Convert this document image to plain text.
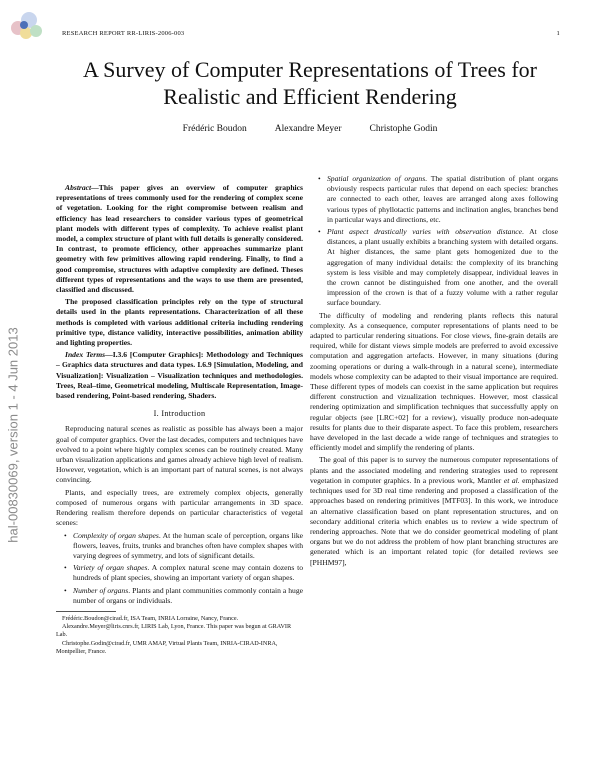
RESEARCH REPORT RR-LIRIS-2006-003	1
hal-00830069, version 1 - 4 Jun 2013
A Survey of Computer Representations of Trees for
Realistic and Efficient Rendering
Frédéric Boudon	Alexandre Meyer	Christophe Godin

Abstract—This paper gives an overview of computer graphics representations of trees commonly used for the rendering of complex scene of vegetation. Looking for the right compromise between realism and efficiency has lead researchers to consider various types of geometrical plant models with different types of complexity. To achieve realist plant model, a complex structure of plant with full details is generally considered. In contrast, to promote efficiency, other approaches summarize plant geometry with few primitives allowing rapid rendering. Finally, to find a good compromise, structures with adaptive complexity are defined. Theses different types of representations and the ways to use them are presented, classified and discussed.

The proposed classification principles rely on the type of structural details used in the plants representations. Characterization of all these methods is completed with various additional criteria including rendering primitive type, distance validity, interactive possibilities, animation ability and lighting properties.

Index Terms—I.3.6 [Computer Graphics]: Methodology and Techniques – Graphics data structures and data types. I.6.9 [Simulation, Modeling, and Visualization]: Visualization – Visualization techniques and methodologies. Trees, Real–time, Geometrical modeling, Multiscale Representation, Image-based rendering, Point-based rendering, Shaders.

I. Introduction

Reproducing natural scenes as realistic as possible has always been a major goal of computer graphics. Over the last decades, computers and techniques have evolved to a point where highly complex scenes can be routinely created. Many urban visualization applications and games already achieve high level of realism. However, vegetation, which is an important part of natural scenes, is not always convincing.

Plants, and especially trees, are extremely complex objects, generally composed of numerous organs with particular arrangements in 3D space. Rendering realism therefore depends on particular characteristics of vegetal scenes:

• Complexity of organ shapes. At the human scale of perception, organs like flowers, leaves, fruits, trunks and branches often have complex shapes with varying degrees of symmetry, and lots of significant details.
• Variety of organ shapes. A complex natural scene may contain dozens to hundreds of plant species, showing an important variety of organ shapes.
• Number of organs. Plants and plant communities commonly contain a huge number of organs or individuals.

Frédéric.Boudon@cirad.fr, ISA Team, INRIA Lorraine, Nancy, France.

Alexandre.Meyer@liris.cnrs.fr, LIRIS Lab, Lyon, France. This paper was begun at GRAVIR Lab.

Christophe.Godin@cirad.fr, UMR AMAP, Virtual Plants Team, INRIA-CIRAD-INRA, Montpellier, France.

• Spatial organization of organs. The spatial distribution of plant organs obviously respects particular rules that depend on each species: branches are connected to each other, leaves are arranged along axes following various types of phyllotactic patterns and inclination angles, branches bend in particular ways and directions, etc.
• Plant aspect drastically varies with observation distance. At close distances, a plant usually exhibits a branching system with detailed organs. At higher distances, the same plant gets homogenized due to the aggregation of many individual details: the complexity of its branching system is less visible and may completely disappear, individual leaves in the crown cannot be distinguished from one another, and the overall impression of the crown is that of a fuzzy volume with a rather regular surface boundary.

The difficulty of modeling and rendering plants reflects this natural complexity. As a consequence, computer representations of plants need to be adapted to particular rendering situations. For close views, fine-grain details are required, while for distant views simple models are preferred to avoid excessive computation and aggregation artefacts. However, in many situations (during zooming operations or during a walk-through in a natural scene), intermediate models whose complexity can be adapted to their visual importance are required. These different types of models can coexist in the same application but requires different construction and vizualization techniques. However, most classical rendering optimization and simplification techniques that successfully apply on regular objects (see [LRC+02] for a review), visually produce non-adequate results for plants due to their disparate aspect. To face this problem, researchers have developed in the last decade a wide range of techniques and strategies to efficiently model and simplify the rendering of plants.

The goal of this paper is to survey the numerous computer representations of plants and the associated modeling and rendering strategies used to represent vegetation in computer graphics. In a previous work, Mantler et al. emphasized techniques used for 3D real time rendering and proposed a classification of the approaches based on rendering primitives [MTF03]. In this work, we introduce an alternative classification based on plant representation structures, and on secondary additional criteria which enables us to review a wide spectrum of rendering approaches. Note that we do consider geometrical modeling of plant organs but we do not address the problem of how plant branching structures are generated which is an important related topic (for detailed reviews see [PHHM97],
